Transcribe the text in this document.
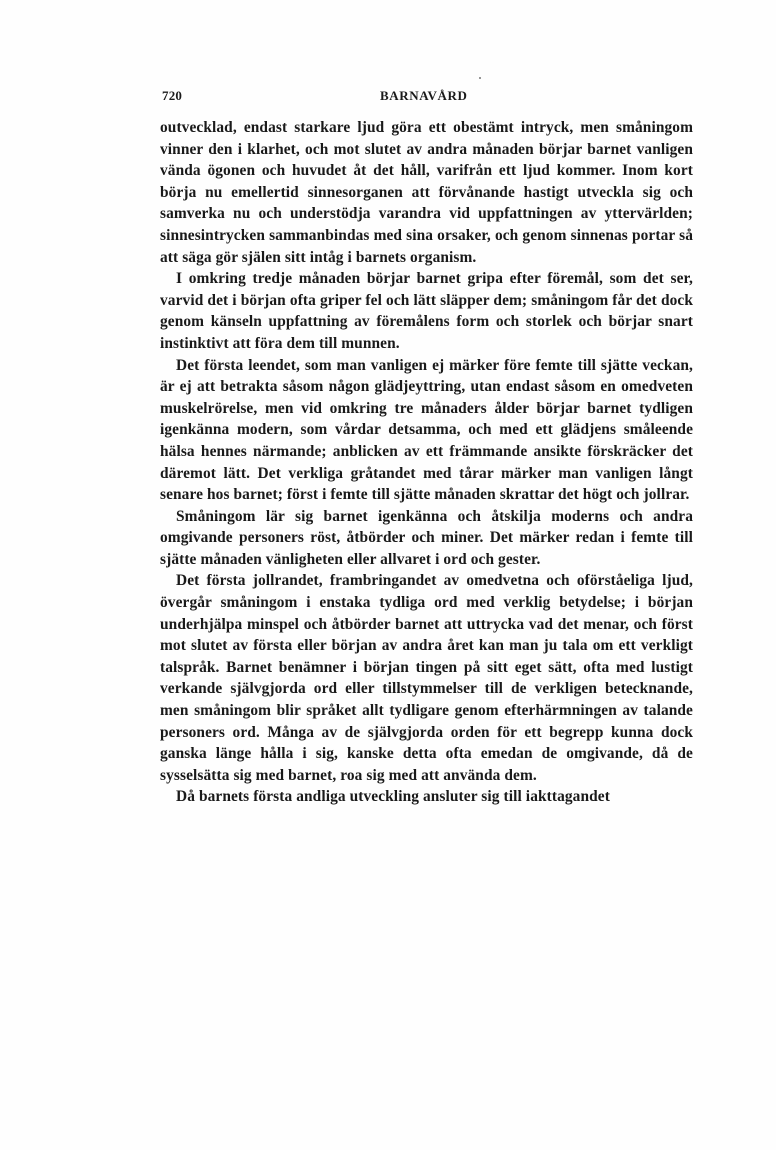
720	BARNAVÅRD

outvecklad, endast starkare ljud göra ett obestämt intryck, men småningom vinner den i klarhet, och mot slutet av andra månaden börjar barnet vanligen vända ögonen och huvudet åt det håll, varifrån ett ljud kommer. Inom kort börja nu emellertid sinnesorganen att förvånande hastigt utveckla sig och samverka nu och understödja varandra vid uppfattningen av yttervärlden; sinnesintrycken sammanbindas med sina orsaker, och genom sinnenas portar så att säga gör själen sitt intåg i barnets organism.

I omkring tredje månaden börjar barnet gripa efter föremål, som det ser, varvid det i början ofta griper fel och lätt släpper dem; småningom får det dock genom känseln uppfattning av föremålens form och storlek och börjar snart instinktivt att föra dem till munnen.

Det första leendet, som man vanligen ej märker före femte till sjätte veckan, är ej att betrakta såsom någon glädjeyttring, utan endast såsom en omedveten muskelrörelse, men vid omkring tre månaders ålder börjar barnet tydligen igenkänna modern, som vårdar detsamma, och med ett glädjens småleende hälsa hennes närmande; anblicken av ett främmande ansikte förskräcker det däremot lätt. Det verkliga gråtandet med tårar märker man vanligen långt senare hos barnet; först i femte till sjätte månaden skrattar det högt och jollrar.

Småningom lär sig barnet igenkänna och åtskilja moderns och andra omgivande personers röst, åtbörder och miner. Det märker redan i femte till sjätte månaden vänligheten eller allvaret i ord och gester.

Det första jollrandet, frambringandet av omedvetna och oförståeliga ljud, övergår småningom i enstaka tydliga ord med verklig betydelse; i början underhjälpa minspel och åtbörder barnet att uttrycka vad det menar, och först mot slutet av första eller början av andra året kan man ju tala om ett verkligt talspråk. Barnet benämner i början tingen på sitt eget sätt, ofta med lustigt verkande självgjorda ord eller tillstymmelser till de verkligen betecknande, men småningom blir språket allt tydligare genom efterhärmningen av talande personers ord. Många av de självgjorda orden för ett begrepp kunna dock ganska länge hålla i sig, kanske detta ofta emedan de omgivande, då de sysselsätta sig med barnet, roa sig med att använda dem.

Då barnets första andliga utveckling ansluter sig till iakttagandet
